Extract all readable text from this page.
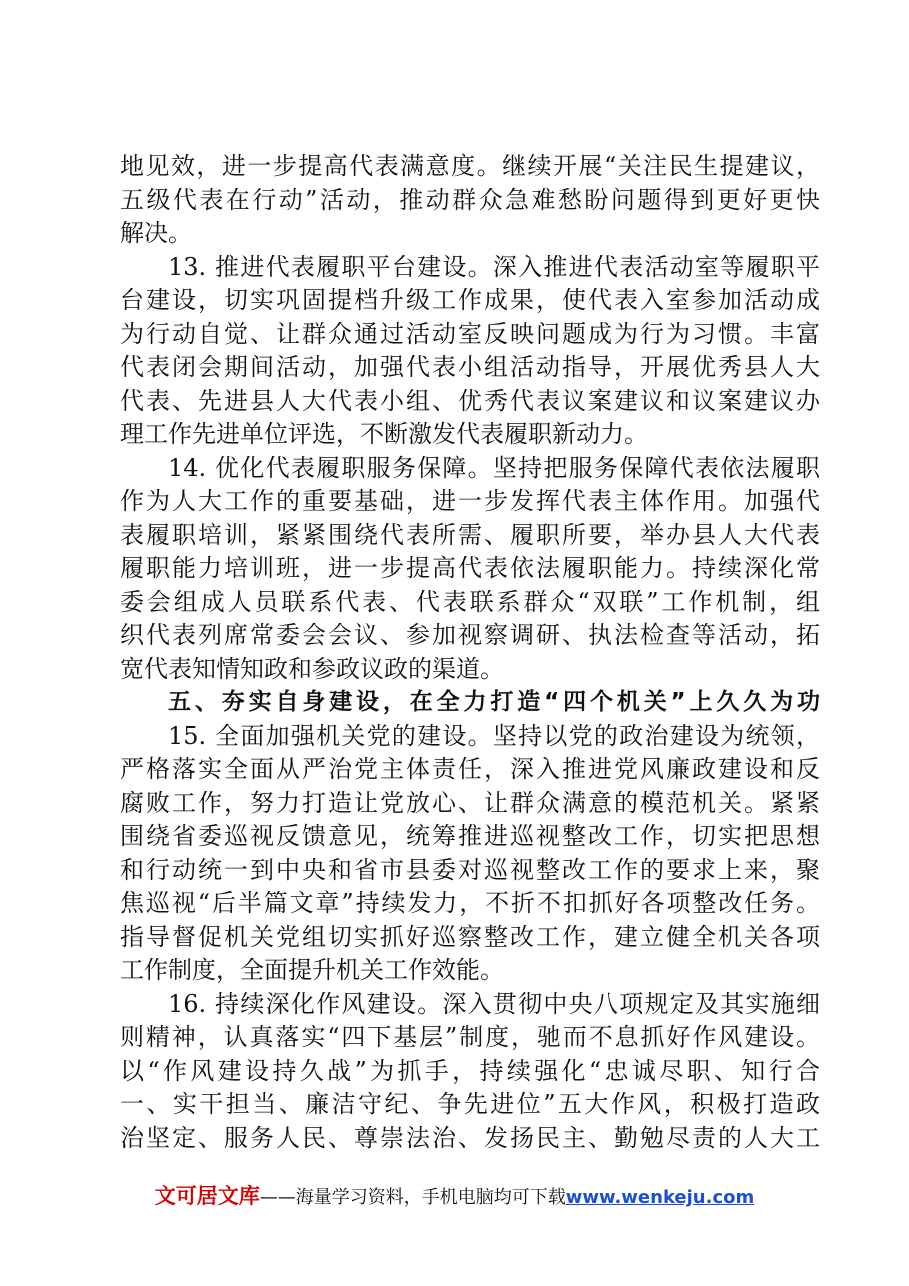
地见效，进一步提高代表满意度。继续开展“关注民生提建议，
五级代表在行动”活动，推动群众急难愁盼问题得到更好更快
解决。
13. 推进代表履职平台建设。深入推进代表活动室等履职平
台建设，切实巩固提档升级工作成果，使代表入室参加活动成
为行动自觉、让群众通过活动室反映问题成为行为习惯。丰富
代表闭会期间活动，加强代表小组活动指导，开展优秀县人大
代表、先进县人大代表小组、优秀代表议案建议和议案建议办
理工作先进单位评选，不断激发代表履职新动力。
14. 优化代表履职服务保障。坚持把服务保障代表依法履职
作为人大工作的重要基础，进一步发挥代表主体作用。加强代
表履职培训，紧紧围绕代表所需、履职所要，举办县人大代表
履职能力培训班，进一步提高代表依法履职能力。持续深化常
委会组成人员联系代表、代表联系群众“双联”工作机制，组
织代表列席常委会会议、参加视察调研、执法检查等活动，拓
宽代表知情知政和参政议政的渠道。
五、夯实自身建设，在全力打造“四个机关”上久久为功
15. 全面加强机关党的建设。坚持以党的政治建设为统领，
严格落实全面从严治党主体责任，深入推进党风廉政建设和反
腐败工作，努力打造让党放心、让群众满意的模范机关。紧紧
围绕省委巡视反馈意见，统筹推进巡视整改工作，切实把思想
和行动统一到中央和省市县委对巡视整改工作的要求上来，聚
焦巡视“后半篇文章”持续发力，不折不扣抓好各项整改任务。
指导督促机关党组切实抓好巡察整改工作，建立健全机关各项
工作制度，全面提升机关工作效能。
16. 持续深化作风建设。深入贯彻中央八项规定及其实施细
则精神，认真落实“四下基层”制度，驰而不息抓好作风建设。
以“作风建设持久战”为抓手，持续强化“忠诚尽职、知行合
一、实干担当、廉洁守纪、争先进位”五大作风，积极打造政
治坚定、服务人民、尊崇法治、发扬民主、勤勉尽责的人大工
文可居文库——海量学习资料，手机电脑均可下载www.wenkeju.com
